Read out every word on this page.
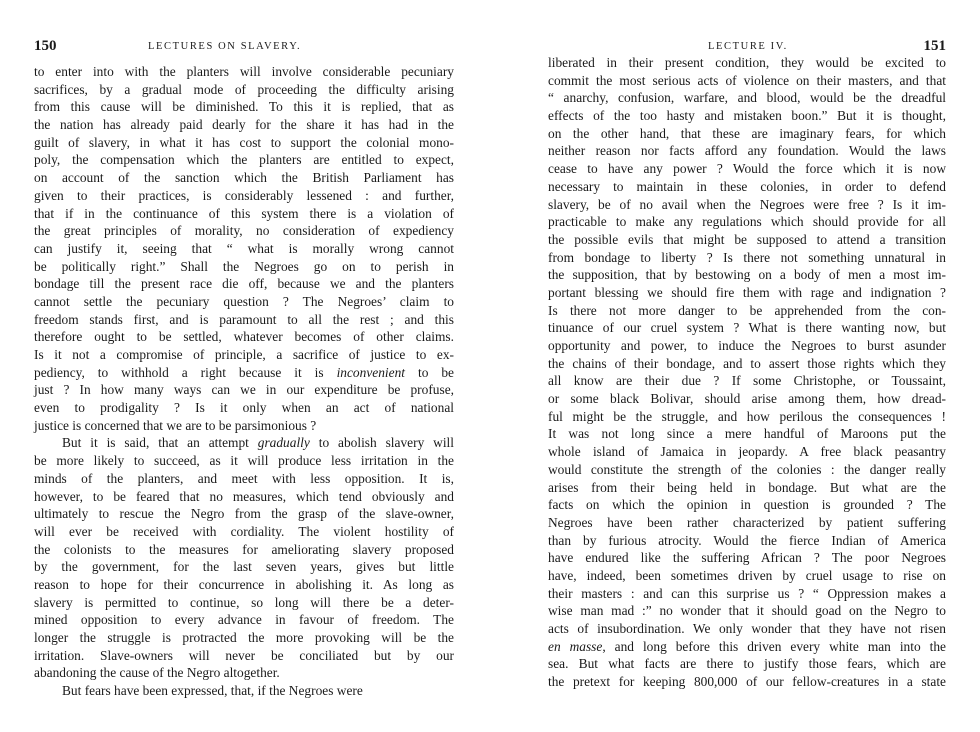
150	LECTURES ON SLAVERY.
to enter into with the planters will involve considerable pecuniary
sacrifices, by a gradual mode of proceeding the difficulty arising
from this cause will be diminished. To this it is replied, that as
the nation has already paid dearly for the share it has had in the
guilt of slavery, in what it has cost to support the colonial mono-
poly, the compensation which the planters are entitled to expect,
on account of the sanction which the British Parliament has
given to their practices, is considerably lessened : and further,
that if in the continuance of this system there is a violation of
the great principles of morality, no consideration of expediency
can justify it, seeing that “ what is morally wrong cannot
be politically right.” Shall the Negroes go on to perish in
bondage till the present race die off, because we and the planters
cannot settle the pecuniary question ? The Negroes’ claim to
freedom stands first, and is paramount to all the rest ; and this
therefore ought to be settled, whatever becomes of other claims.
Is it not a compromise of principle, a sacrifice of justice to ex-
pediency, to withhold a right because it is inconvenient to be
just ? In how many ways can we in our expenditure be profuse,
even to prodigality ? Is it only when an act of national
justice is concerned that we are to be parsimonious ?
But it is said, that an attempt gradually to abolish slavery will
be more likely to succeed, as it will produce less irritation in the
minds of the planters, and meet with less opposition. It is,
however, to be feared that no measures, which tend obviously and
ultimately to rescue the Negro from the grasp of the slave-owner,
will ever be received with cordiality. The violent hostility of
the colonists to the measures for ameliorating slavery proposed
by the government, for the last seven years, gives but little
reason to hope for their concurrence in abolishing it. As long as
slavery is permitted to continue, so long will there be a deter-
mined opposition to every advance in favour of freedom. The
longer the struggle is protracted the more provoking will be the
irritation. Slave-owners will never be conciliated but by our
abandoning the cause of the Negro altogether.
But fears have been expressed, that, if the Negroes were
LECTURE IV.	151
liberated in their present condition, they would be excited to
commit the most serious acts of violence on their masters, and that
“ anarchy, confusion, warfare, and blood, would be the dreadful
effects of the too hasty and mistaken boon.” But it is thought,
on the other hand, that these are imaginary fears, for which
neither reason nor facts afford any foundation. Would the laws
cease to have any power ? Would the force which it is now
necessary to maintain in these colonies, in order to defend
slavery, be of no avail when the Negroes were free ? Is it im-
practicable to make any regulations which should provide for all
the possible evils that might be supposed to attend a transition
from bondage to liberty ? Is there not something unnatural in
the supposition, that by bestowing on a body of men a most im-
portant blessing we should fire them with rage and indignation ?
Is there not more danger to be apprehended from the con-
tinuance of our cruel system ? What is there wanting now, but
opportunity and power, to induce the Negroes to burst asunder
the chains of their bondage, and to assert those rights which they
all know are their due ? If some Christophe, or Toussaint,
or some black Bolivar, should arise among them, how dread-
ful might be the struggle, and how perilous the consequences !
It was not long since a mere handful of Maroons put the
whole island of Jamaica in jeopardy. A free black peasantry
would constitute the strength of the colonies : the danger really
arises from their being held in bondage. But what are the
facts on which the opinion in question is grounded ? The
Negroes have been rather characterized by patient suffering
than by furious atrocity. Would the fierce Indian of America
have endured like the suffering African ? The poor Negroes
have, indeed, been sometimes driven by cruel usage to rise on
their masters : and can this surprise us ? “ Oppression makes a
wise man mad :” no wonder that it should goad on the Negro to
acts of insubordination. We only wonder that they have not risen
en masse, and long before this driven every white man into the
sea. But what facts are there to justify those fears, which are
the pretext for keeping 800,000 of our fellow-creatures in a state
